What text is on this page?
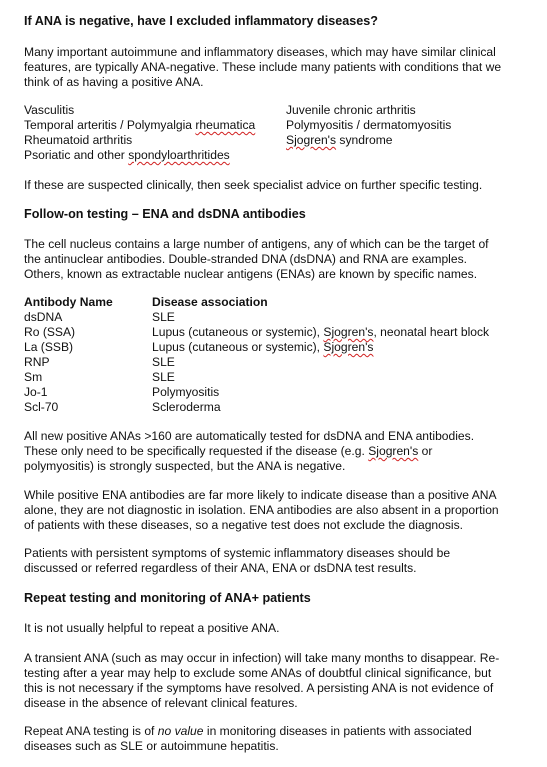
If ANA is negative, have I excluded inflammatory diseases?
Many important autoimmune and inflammatory diseases, which may have similar clinical
features, are typically ANA-negative. These include many patients with conditions that we
think of as having a positive ANA.
Vasculitis
Temporal arteritis / Polymyalgia rheumatica
Rheumatoid arthritis
Psoriatic and other spondyloarthritides
Juvenile chronic arthritis
Polymyositis / dermatomyositis
Sjogren's syndrome
If these are suspected clinically, then seek specialist advice on further specific testing.
Follow-on testing – ENA and dsDNA antibodies
The cell nucleus contains a large number of antigens, any of which can be the target of
the antinuclear antibodies. Double-stranded DNA (dsDNA) and RNA are examples.
Others, known as extractable nuclear antigens (ENAs) are known by specific names.
Antibody Name	Disease association
dsDNA	SLE
Ro (SSA)	Lupus (cutaneous or systemic), Sjogren's, neonatal heart block
La (SSB)	Lupus (cutaneous or systemic), Sjogren's
RNP	SLE
Sm	SLE
Jo-1	Polymyositis
Scl-70	Scleroderma
All new positive ANAs >160 are automatically tested for dsDNA and ENA antibodies.
These only need to be specifically requested if the disease (e.g. Sjogren's or
polymyositis) is strongly suspected, but the ANA is negative.
While positive ENA antibodies are far more likely to indicate disease than a positive ANA
alone, they are not diagnostic in isolation. ENA antibodies are also absent in a proportion
of patients with these diseases, so a negative test does not exclude the diagnosis.
Patients with persistent symptoms of systemic inflammatory diseases should be
discussed or referred regardless of their ANA, ENA or dsDNA test results.
Repeat testing and monitoring of ANA+ patients
It is not usually helpful to repeat a positive ANA.
A transient ANA (such as may occur in infection) will take many months to disappear. Re-
testing after a year may help to exclude some ANAs of doubtful clinical significance, but
this is not necessary if the symptoms have resolved. A persisting ANA is not evidence of
disease in the absence of relevant clinical features.
Repeat ANA testing is of no value in monitoring diseases in patients with associated
diseases such as SLE or autoimmune hepatitis.
